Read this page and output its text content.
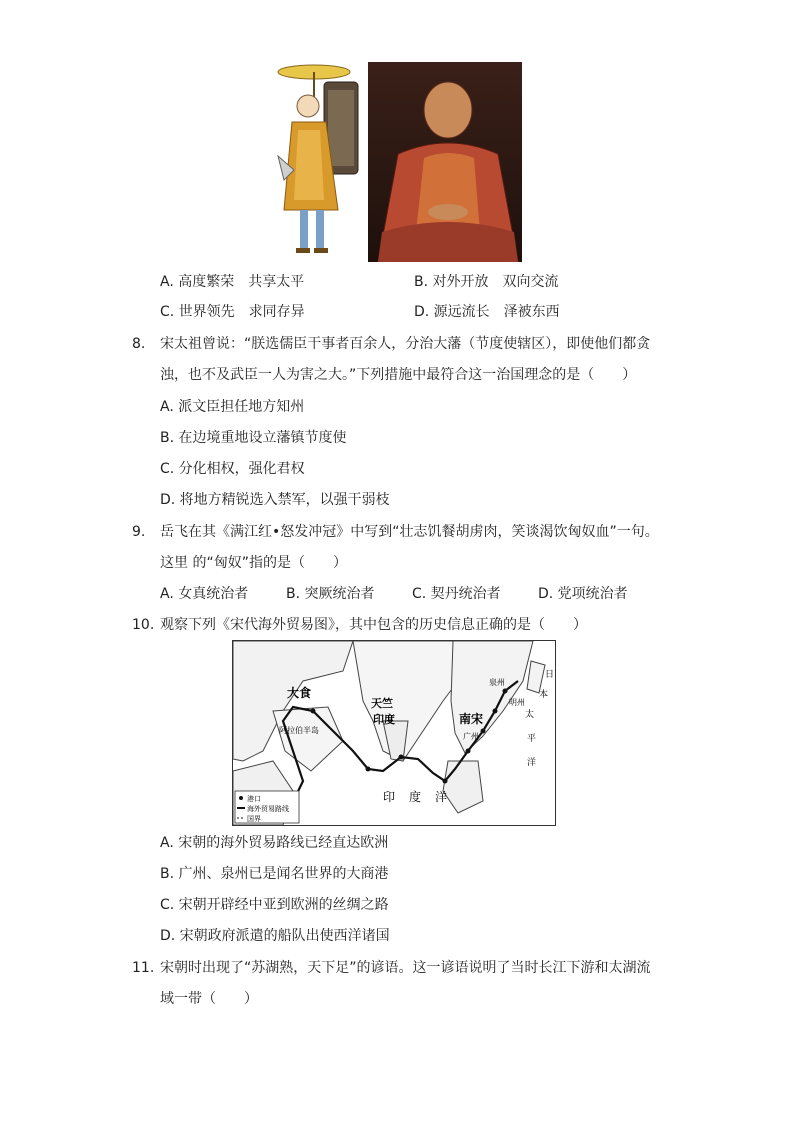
A. 高度繁荣　共享太平	B. 对外开放　双向交流
C. 世界领先　求同存异	D. 源远流长　泽被东西
8. 宋太祖曾说：“朕选儒臣干事者百余人，分治大藩（节度使辖区），即使他们都贪
浊，也不及武臣一人为害之大。”下列措施中最符合这一治国理念的是（　　）
A. 派文臣担任地方知州
B. 在边境重地设立藩镇节度使
C. 分化相权，强化君权
D. 将地方精锐选入禁军，以强干弱枝
9. 岳飞在其《满江红•怒发冲冠》中写到“壮志饥餐胡虏肉，笑谈渴饮匈奴血”一句。
这里 的“匈奴”指的是（　　）
A. 女真统治者	B. 突厥统治者	C. 契丹统治者	D. 党项统治者
10. 观察下列《宋代海外贸易图》，其中包含的历史信息正确的是（　　）
大食
天竺
印度	南宋
印度洋
阿拉伯半岛
广州
明州
泉州
日
本
太
平
洋
港口
海外贸易路线
国界
A. 宋朝的海外贸易路线已经直达欧洲
B. 广州、泉州已是闻名世界的大商港
C. 宋朝开辟经中亚到欧洲的丝绸之路
D. 宋朝政府派遣的船队出使西洋诸国
11. 宋朝时出现了“苏湖熟，天下足”的谚语。这一谚语说明了当时长江下游和太湖流
域一带（　　）
